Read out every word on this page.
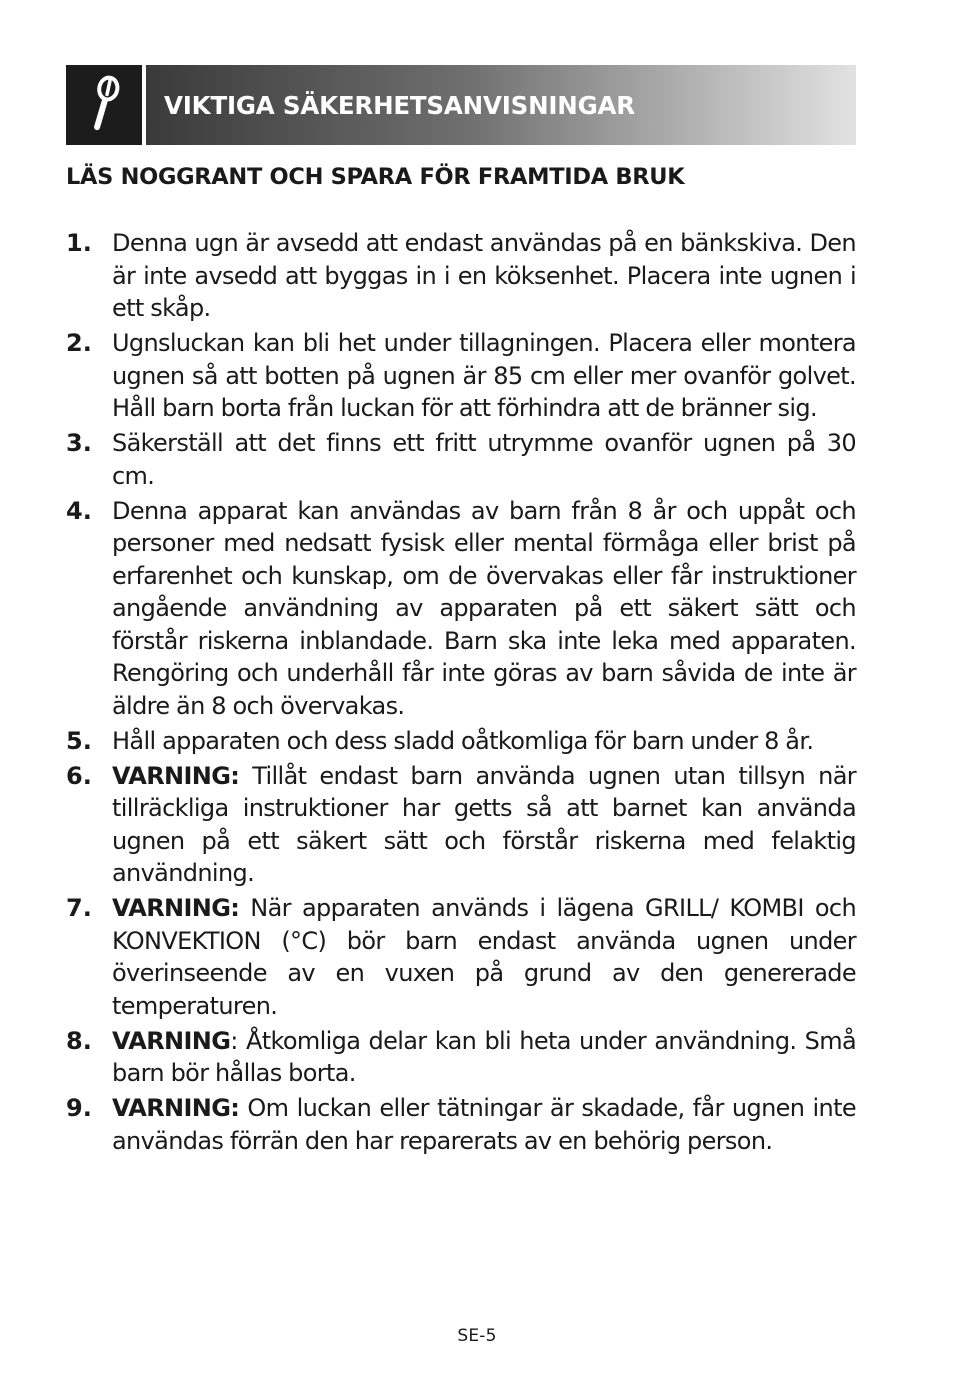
VIKTIGA SÄKERHETSANVISNINGAR
LÄS NOGGRANT OCH SPARA FÖR FRAMTIDA BRUK
1. Denna ugn är avsedd att endast användas på en bänkskiva. Den är inte avsedd att byggas in i en köksenhet. Placera inte ugnen i ett skåp.
2. Ugnsluckan kan bli het under tillagningen. Placera eller montera ugnen så att botten på ugnen är 85 cm eller mer ovanför golvet. Håll barn borta från luckan för att förhindra att de bränner sig.
3. Säkerställ att det finns ett fritt utrymme ovanför ugnen på 30 cm.
4. Denna apparat kan användas av barn från 8 år och uppåt och personer med nedsatt fysisk eller mental förmåga eller brist på erfarenhet och kunskap, om de övervakas eller får instruktioner angående användning av apparaten på ett säkert sätt och förstår riskerna inblandade. Barn ska inte leka med apparaten. Rengöring och underhåll får inte göras av barn såvida de inte är äldre än 8 och övervakas.
5. Håll apparaten och dess sladd oåtkomliga för barn under 8 år.
6. VARNING: Tillåt endast barn använda ugnen utan tillsyn när tillräckliga instruktioner har getts så att barnet kan använda ugnen på ett säkert sätt och förstår riskerna med felaktig användning.
7. VARNING: När apparaten används i lägena GRILL/ KOMBI och KONVEKTION (°C) bör barn endast använda ugnen under överinseende av en vuxen på grund av den genererade temperaturen.
8. VARNING: Åtkomliga delar kan bli heta under användning. Små barn bör hållas borta.
9. VARNING: Om luckan eller tätningar är skadade, får ugnen inte användas förrän den har reparerats av en behörig person.
SE-5
